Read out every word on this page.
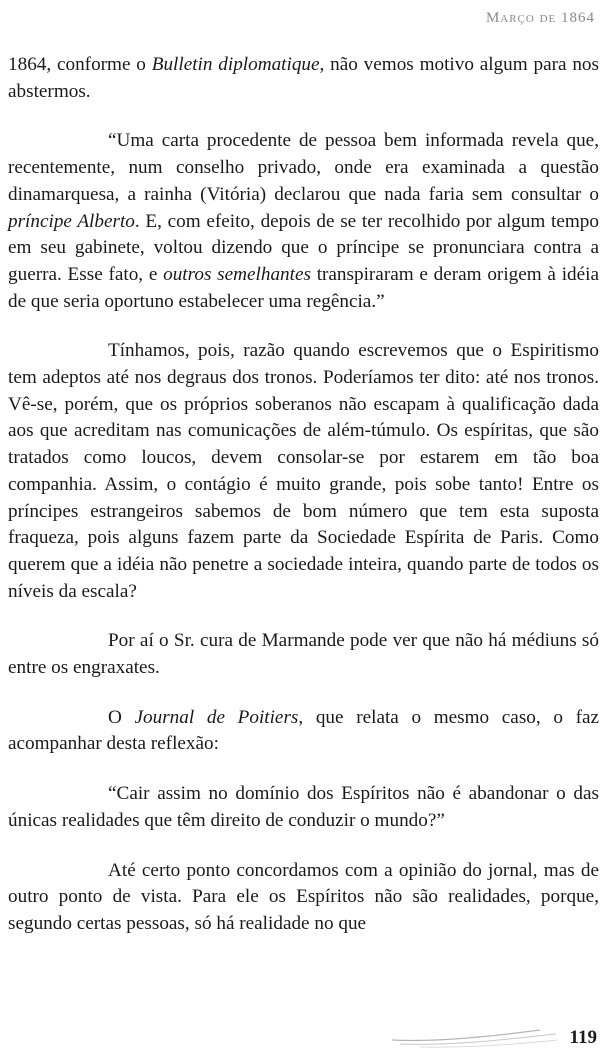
Março de 1864

1864, conforme o Bulletin diplomatique, não vemos motivo algum para nos abstermos.

“Uma carta procedente de pessoa bem informada revela que, recentemente, num conselho privado, onde era examinada a questão dinamarquesa, a rainha (Vitória) declarou que nada faria sem consultar o príncipe Alberto. E, com efeito, depois de se ter recolhido por algum tempo em seu gabinete, voltou dizendo que o príncipe se pronunciara contra a guerra. Esse fato, e outros semelhantes transpiraram e deram origem à idéia de que seria oportuno estabelecer uma regência.”

Tínhamos, pois, razão quando escrevemos que o Espiritismo tem adeptos até nos degraus dos tronos. Poderíamos ter dito: até nos tronos. Vê-se, porém, que os próprios soberanos não escapam à qualificação dada aos que acreditam nas comunicações de além-túmulo. Os espíritas, que são tratados como loucos, devem consolar-se por estarem em tão boa companhia. Assim, o contágio é muito grande, pois sobe tanto! Entre os príncipes estrangeiros sabemos de bom número que tem esta suposta fraqueza, pois alguns fazem parte da Sociedade Espírita de Paris. Como querem que a idéia não penetre a sociedade inteira, quando parte de todos os níveis da escala?

Por aí o Sr. cura de Marmande pode ver que não há médiuns só entre os engraxates.

O Journal de Poitiers, que relata o mesmo caso, o faz acompanhar desta reflexão:

“Cair assim no domínio dos Espíritos não é abandonar o das únicas realidades que têm direito de conduzir o mundo?”

Até certo ponto concordamos com a opinião do jornal, mas de outro ponto de vista. Para ele os Espíritos não são realidades, porque, segundo certas pessoas, só há realidade no que

119
